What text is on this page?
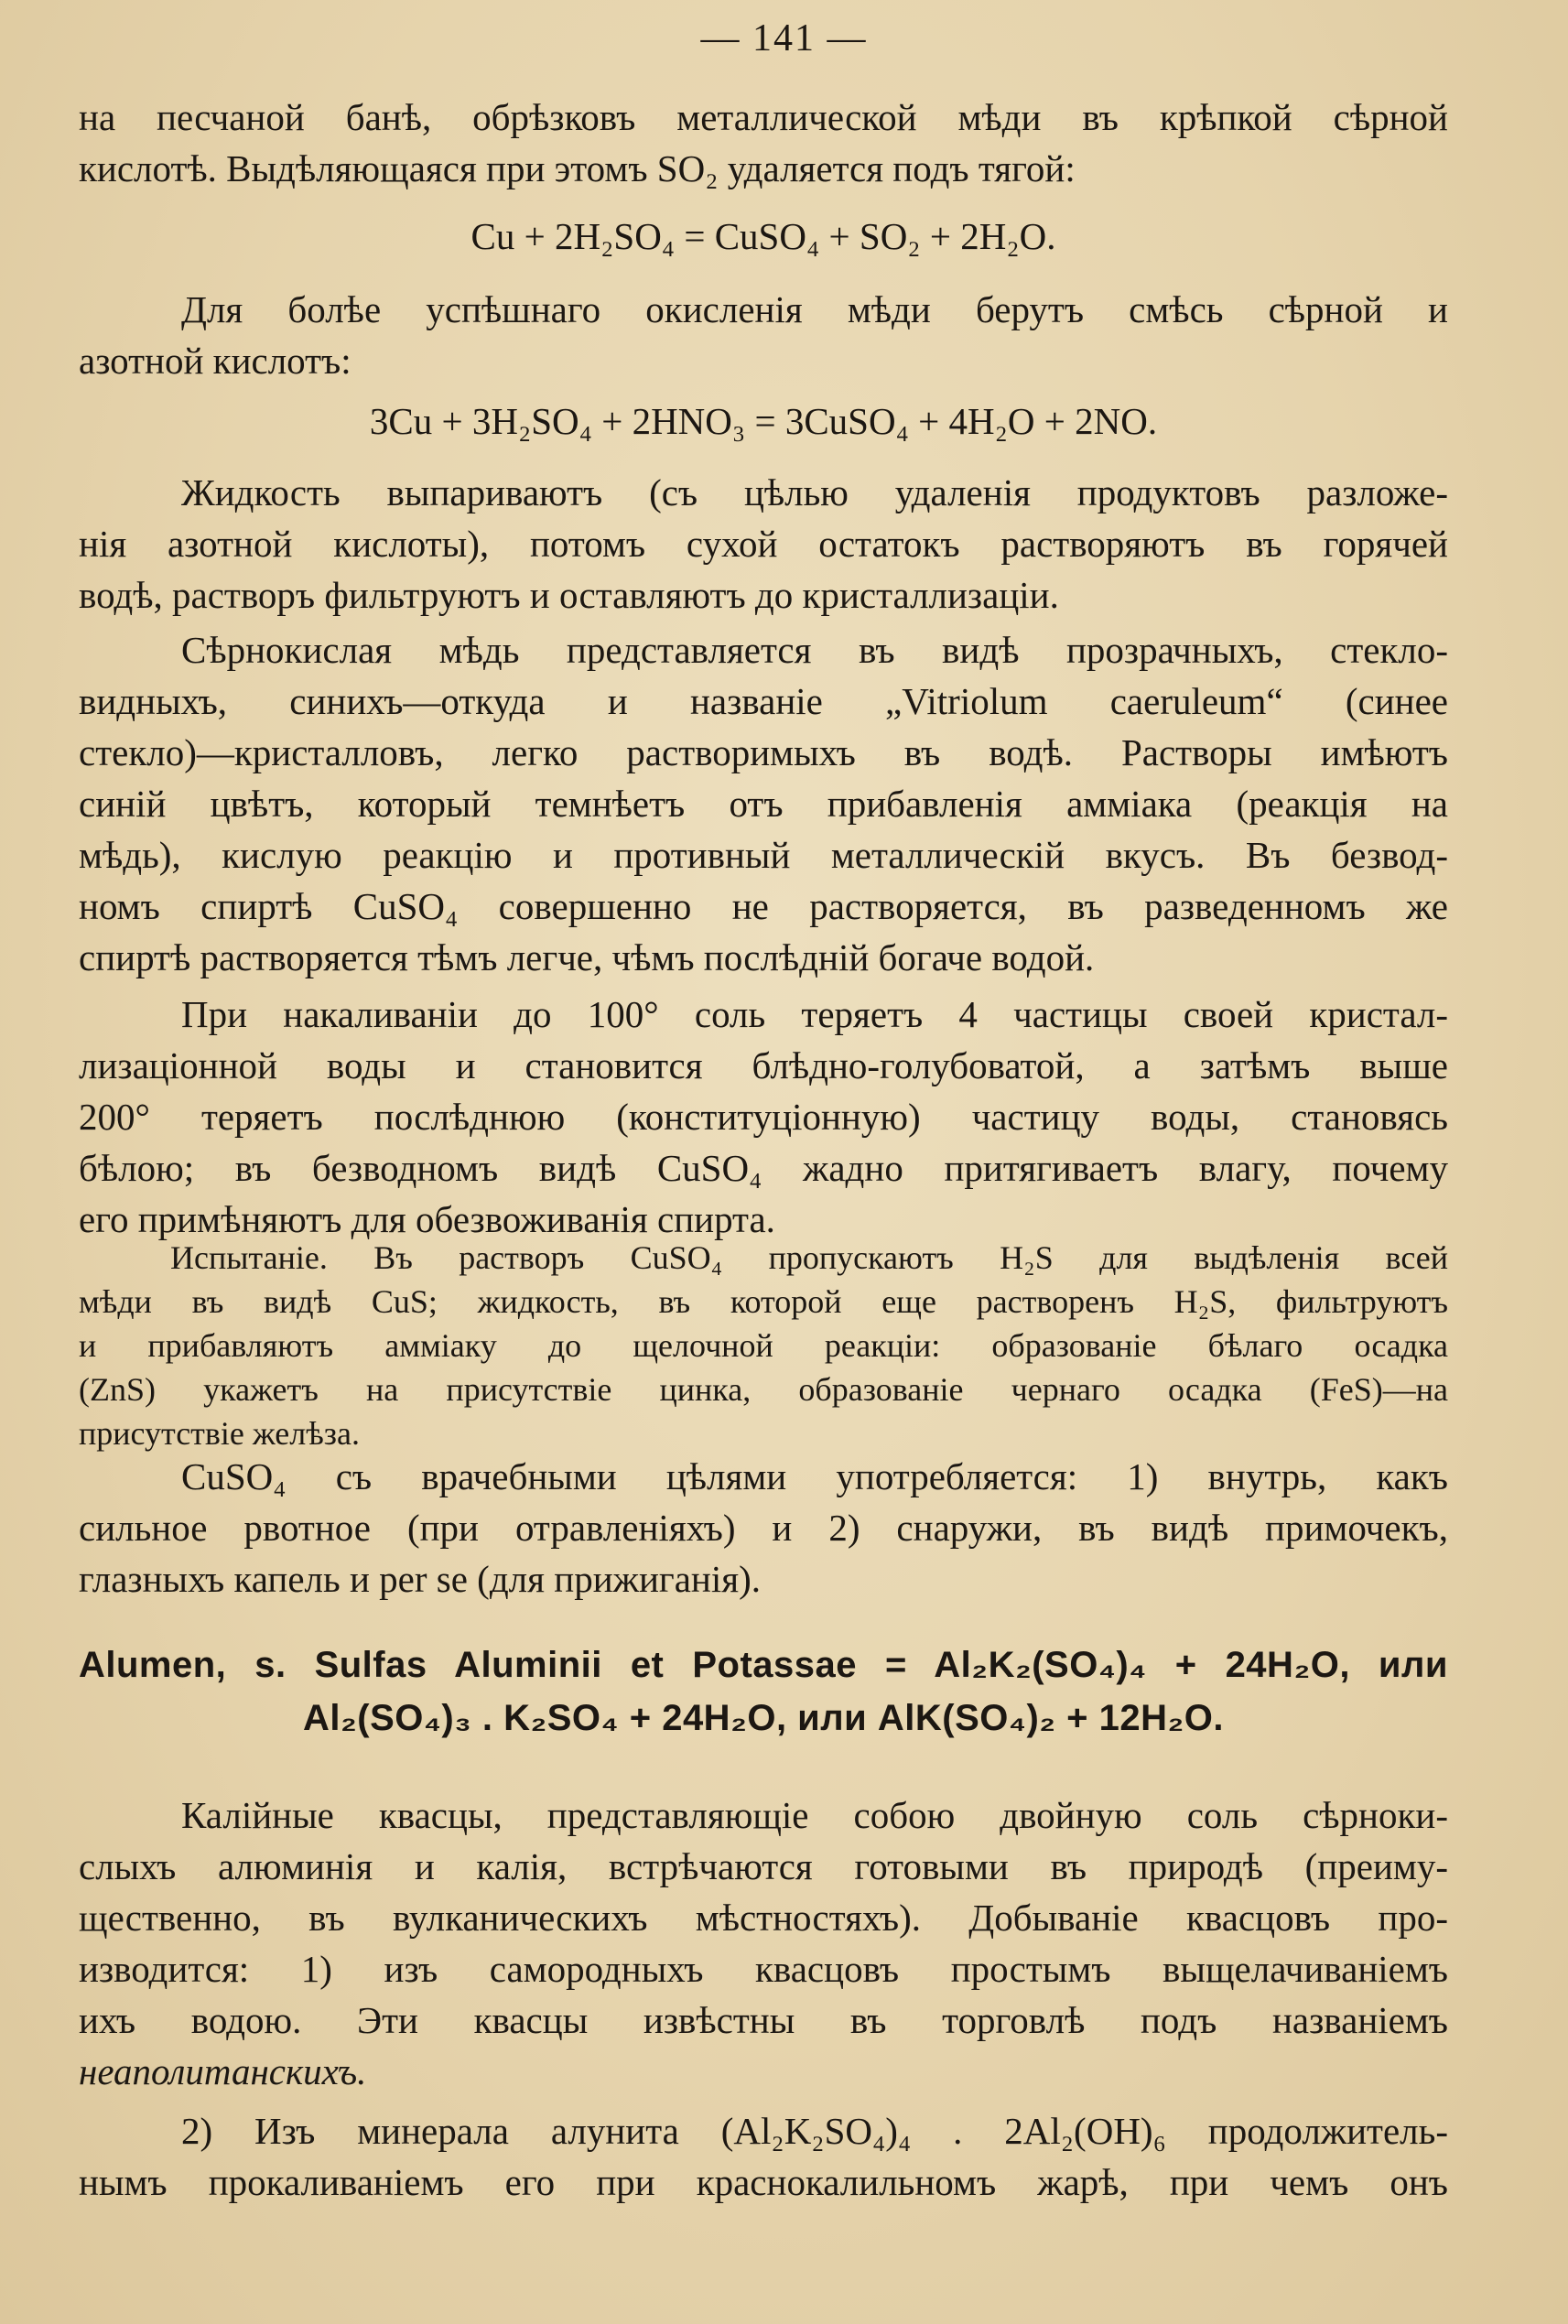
— 141 —
на песчаной банѣ, обрѣзковъ металлической мѣди въ крѣпкой сѣрной
кислотѣ. Выдѣляющаяся при этомъ SO₂ удаляется подъ тягой:
Cu + 2H₂SO₄ = CuSO₄ + SO₂ + 2H₂O.
Для болѣе успѣшнаго окисленія мѣди берутъ смѣсь сѣрной и
азотной кислотъ:
3Cu + 3H₂SO₄ + 2HNO₃ = 3CuSO₄ + 4H₂O + 2NO.
Жидкость выпариваютъ (съ цѣлью удаленія продуктовъ разложе-
нія азотной кислоты), потомъ сухой остатокъ растворяютъ въ горячей
водѣ, растворъ фильтруютъ и оставляютъ до кристаллизаціи.
Сѣрнокислая мѣдь представляется въ видѣ прозрачныхъ, стекло-
видныхъ, синихъ—откуда и названіе „Vitriolum caeruleum“ (синее
стекло)—кристалловъ, легко растворимыхъ въ водѣ. Растворы имѣютъ
синій цвѣтъ, который темнѣетъ отъ прибавленія амміака (реакція на
мѣдь), кислую реакцію и противный металлическій вкусъ. Въ безвод-
номъ спиртѣ CuSO₄ совершенно не растворяется, въ разведенномъ же
спиртѣ растворяется тѣмъ легче, чѣмъ послѣдній богаче водой.
При накаливаніи до 100° соль теряетъ 4 частицы своей кристал-
лизаціонной воды и становится блѣдно-голубоватой, а затѣмъ выше
200° теряетъ послѣднюю (конституціонную) частицу воды, становясь
бѣлою; въ безводномъ видѣ CuSO₄ жадно притягиваетъ влагу, почему
его примѣняютъ для обезвоживанія спирта.
Испытаніе. Въ растворъ CuSO₄ пропускаютъ H₂S для выдѣленія всей
мѣди въ видѣ CuS; жидкость, въ которой еще растворенъ H₂S, фильтруютъ
и прибавляютъ амміаку до щелочной реакціи: образованіе бѣлаго осадка
(ZnS) укажетъ на присутствіе цинка, образованіе чернаго осадка (FeS)—на
присутствіе желѣза.
CuSO₄ съ врачебными цѣлями употребляется: 1) внутрь, какъ
сильное рвотное (при отравленіяхъ) и 2) снаружи, въ видѣ примочекъ,
глазныхъ капель и per se (для прижиганія).
Alumen, s. Sulfas Aluminii et Potassae = Al₂K₂(SO₄)₄ + 24H₂O, или
Al₂(SO₄)₃ . K₂SO₄ + 24H₂O, или AlK(SO₄)₂ + 12H₂O.
Калійные квасцы, представляющіе собою двойную соль сѣрноки-
слыхъ алюминія и калія, встрѣчаются готовыми въ природѣ (преиму-
щественно, въ вулканическихъ мѣстностяхъ). Добываніе квасцовъ про-
изводится: 1) изъ самородныхъ квасцовъ простымъ выщелачиваніемъ
ихъ водою. Эти квасцы извѣстны въ торговлѣ подъ названіемъ
неаполитанскихъ.
2) Изъ минерала алунита (Al₂K₂SO₄)₄ . 2Al₂(OH)₆ продолжитель-
нымъ прокаливаніемъ его при краснокалильномъ жарѣ, при чемъ онъ
